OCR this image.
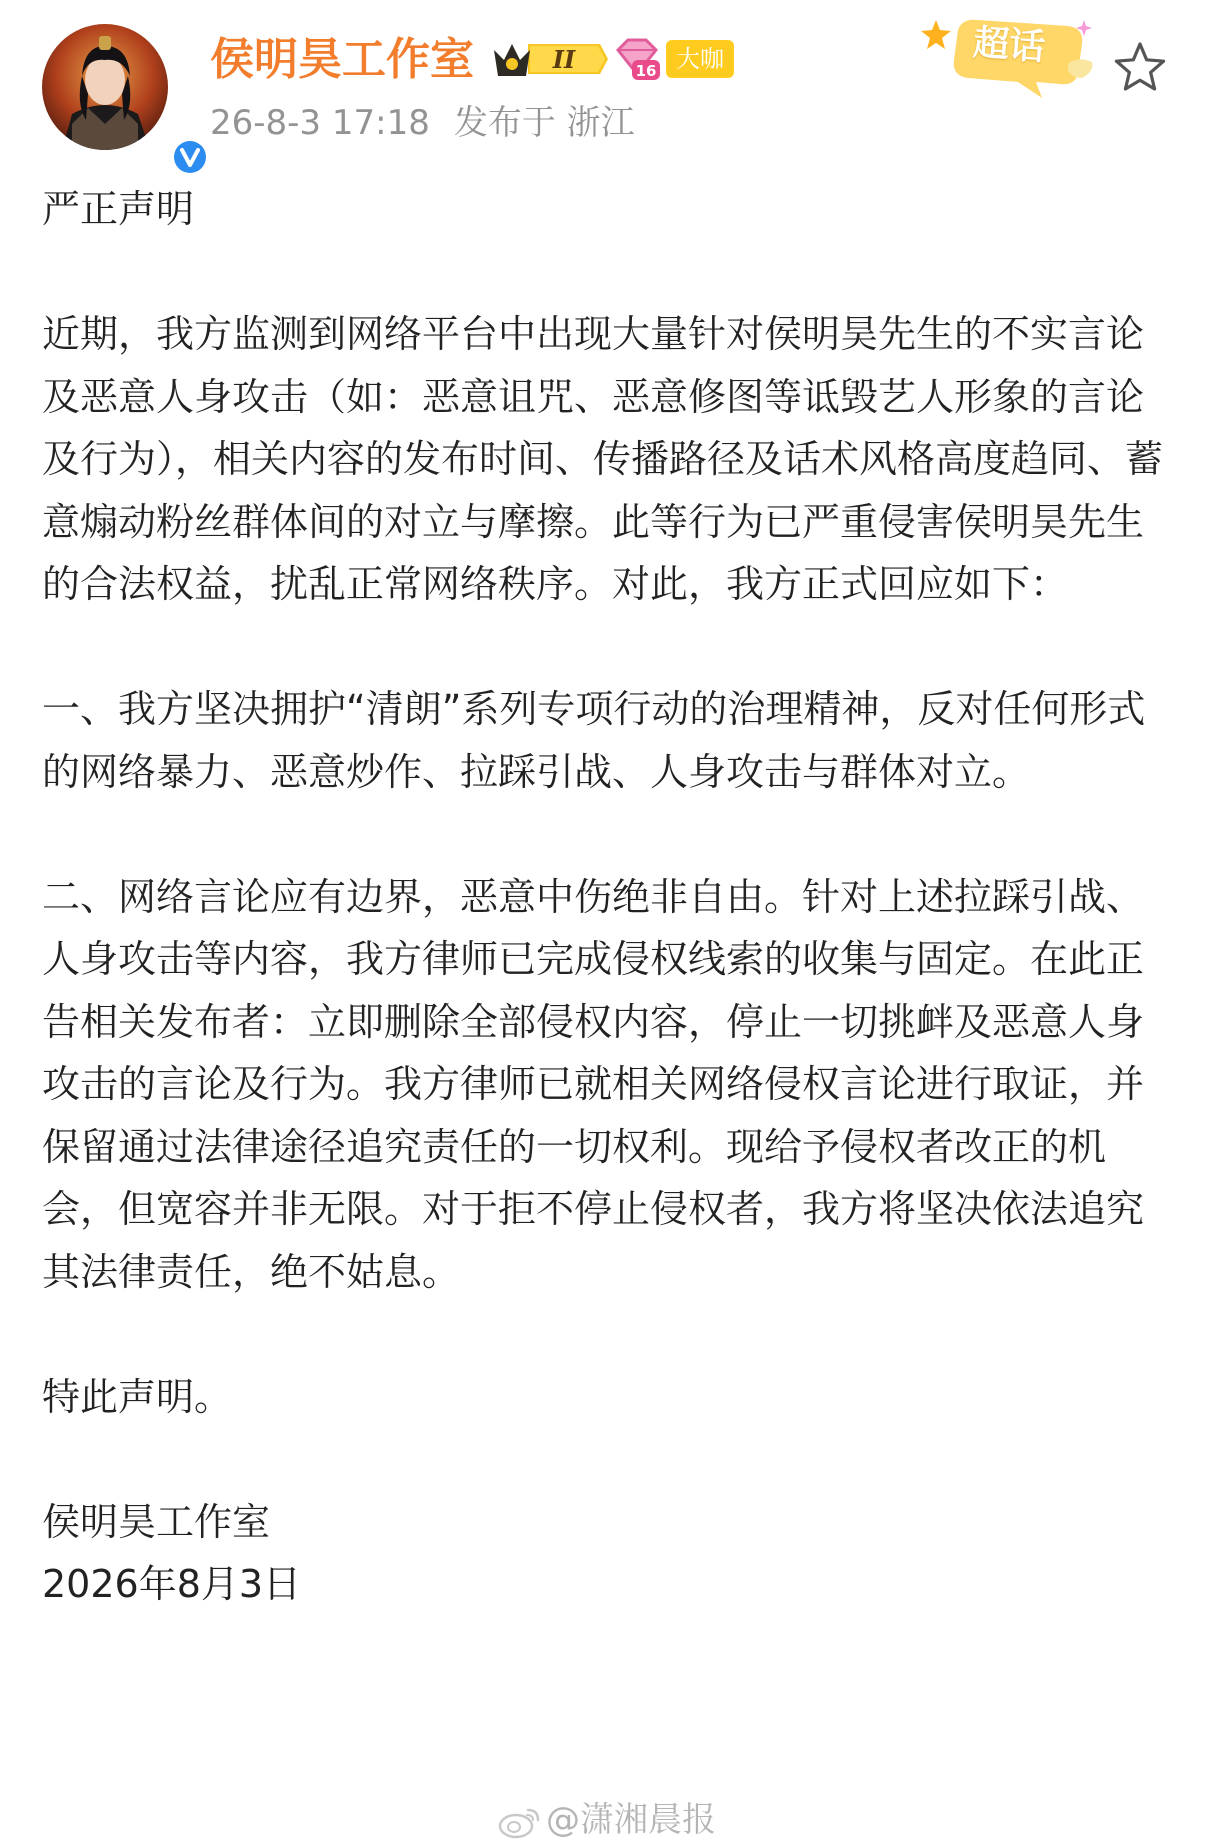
侯明昊工作室	II	16 大咖
26-8-3 17:18 发布于 浙江
超话

严正声明

近期，我方监测到网络平台中出现大量针对侯明昊先生的不实言论及恶意人身攻击（如：恶意诅咒、恶意修图等诋毁艺人形象的言论及行为），相关内容的发布时间、传播路径及话术风格高度趋同、蓄意煽动粉丝群体间的对立与摩擦。此等行为已严重侵害侯明昊先生的合法权益，扰乱正常网络秩序。对此，我方正式回应如下：

一、我方坚决拥护“清朗”系列专项行动的治理精神，反对任何形式的网络暴力、恶意炒作、拉踩引战、人身攻击与群体对立。

二、网络言论应有边界，恶意中伤绝非自由。针对上述拉踩引战、人身攻击等内容，我方律师已完成侵权线索的收集与固定。在此正告相关发布者：立即删除全部侵权内容，停止一切挑衅及恶意人身攻击的言论及行为。我方律师已就相关网络侵权言论进行取证，并保留通过法律途径追究责任的一切权利。现给予侵权者改正的机会，但宽容并非无限。对于拒不停止侵权者，我方将坚决依法追究其法律责任，绝不姑息。

特此声明。

侯明昊工作室

2026年8月3日

@潇湘晨报
